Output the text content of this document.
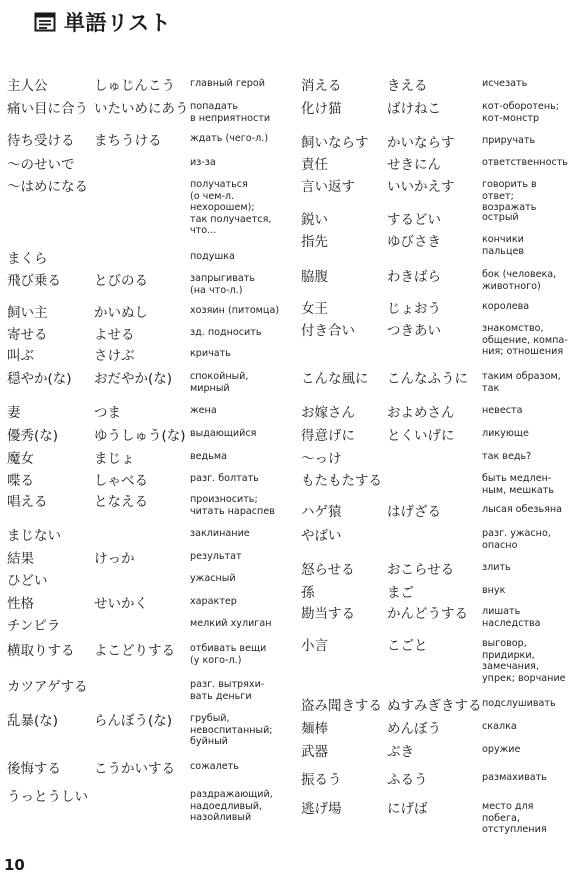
単語リスト
主人公	しゅじんこう главный герой
痛い目に合う いたいめにあう попадать
в неприятности
待ち受ける まちうける	ждать (чего-л.)
〜のせいで	из-за
〜はめになる	получаться
(о чем-л.
нехорошем);
так получается,
что...
まくら	подушка
飛び乗る とびのる	запрыгивать
(на что-л.)
飼い主	かいぬし	хозяин (питомца)
寄せる	よせる	зд. подносить
叫ぶ	さけぶ	кричать
穏やか(な) おだやか(な) спокойный,
мирный
妻	つま	жена
優秀(な)	ゆうしゅう(な) выдающийся
魔女	まじょ	ведьма
喋る	しゃべる	разг. болтать
唱える	となえる	произносить;
читать нараспев
まじない	заклинание
結果	けっか	результат
ひどい	ужасный
性格	せいかく	характер
チンピラ	мелкий хулиган
横取りする よこどりする отбивать вещи
(у кого-л.)
カツアゲする	разг. вытряхи-
вать деньги
乱暴(な)	らんぼう(な) грубый,
невоспитанный;
буйный
後悔する こうかいする сожалеть
うっとうしい	раздражающий,
надоедливый,
назойливый
消える	きえる	исчезать
化け猫	ばけねこ	кот-оборотень;
кот-монстр
飼いならす かいならす	приручать
責任	せきにん	ответственность
言い返す いいかえす	говорить в ответ;
возражать
鋭い	するどい	острый
指先	ゆびさき	кончики
пальцев
脇腹	わきばら	бок (человека,
животного)
女王	じょおう	королева
付き合い つきあい	знакомство,
общение, компа-
ния; отношения
こんな風に こんなふうに таким образом,
так
お嫁さん およめさん	невеста
得意げに とくいげに	ликующе
〜っけ	так ведь?
もたもたする	быть медлен-
ным, мешкать
ハゲ猿	はげざる	лысая обезьяна
やばい	разг. ужасно,
опасно
怒らせる おこらせる	злить
孫	まご	внук
勘当する かんどうする лишать
наследства
小言	こごと	выговор,
придирки,
замечания,
упрек; ворчание
盗み聞きする ぬすみぎきする подслушивать
麺棒	めんぼう	скалка
武器	ぶき	оружие
振るう	ふるう	размахивать
逃げ場	にげば	место для побега,
отступления
10
